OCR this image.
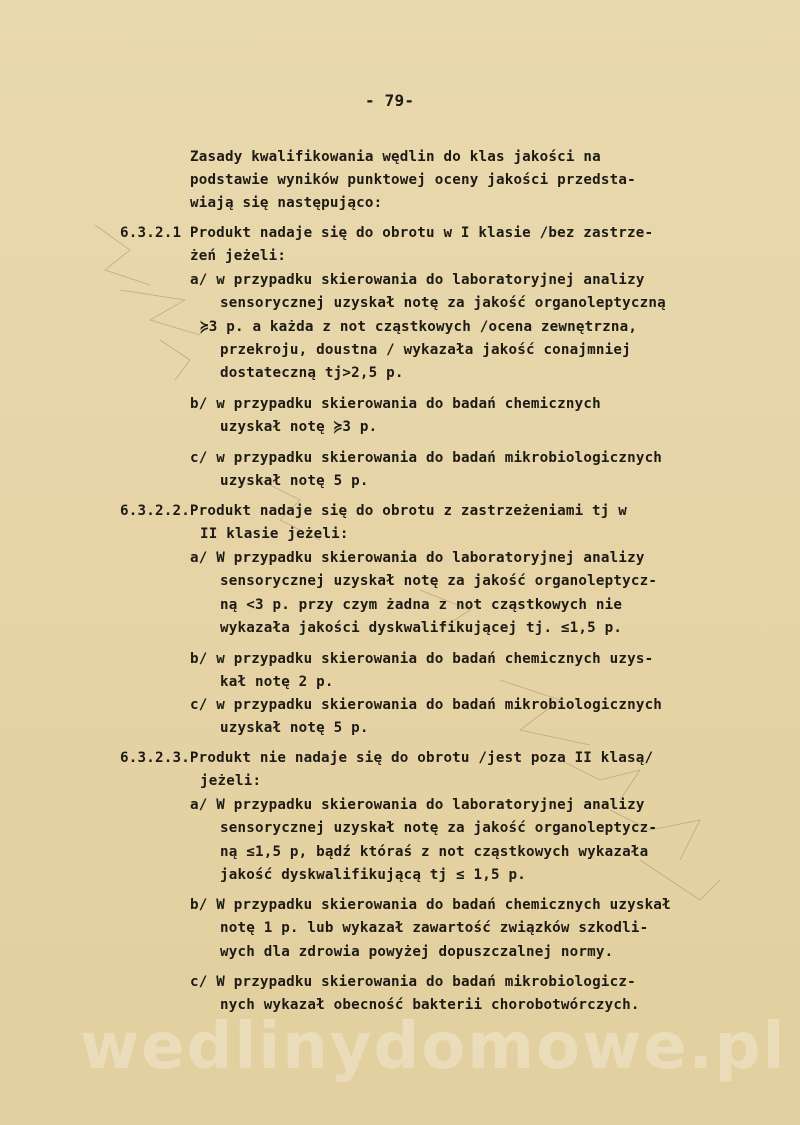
- 79-
Zasady kwalifikowania wędlin do klas jakości na
podstawie wyników punktowej oceny jakości przedsta-
wiają się następująco:
6.3.2.1 Produkt nadaje się do obrotu w I klasie /bez zastrze-
żeń jeżeli:
a/ w przypadku skierowania do laboratoryjnej analizy
sensorycznej uzyskał notę za jakość organoleptyczną
≽3 p. a każda z not cząstkowych /ocena zewnętrzna,
przekroju, doustna / wykazała jakość conajmniej
dostateczną tj>2,5 p.
b/ w przypadku skierowania do badań chemicznych
uzyskał notę ≽3 p.
c/ w przypadku skierowania do badań mikrobiologicznych
uzyskał notę 5 p.
6.3.2.2.Produkt nadaje się do obrotu z zastrzeżeniami tj w
II klasie jeżeli:
a/ W przypadku skierowania do laboratoryjnej analizy
sensorycznej uzyskał notę za jakość organoleptycz-
ną <3 p. przy czym żadna z not cząstkowych nie
wykazała jakości dyskwalifikującej tj. ≤1,5 p.
b/ w przypadku skierowania do badań chemicznych uzys-
kał notę 2 p.
c/ w przypadku skierowania do badań mikrobiologicznych
uzyskał notę 5 p.
6.3.2.3.Produkt nie nadaje się do obrotu /jest poza II klasą/
jeżeli:
a/ W przypadku skierowania do laboratoryjnej analizy
sensorycznej uzyskał notę za jakość organoleptycz-
ną ≤1,5 p, bądź któraś z not cząstkowych wykazała
jakość dyskwalifikującą tj ≤ 1,5 p.
b/ W przypadku skierowania do badań chemicznych uzyskał
notę 1 p. lub wykazał zawartość związków szkodli-
wych dla zdrowia powyżej dopuszczalnej normy.
c/ W przypadku skierowania do badań mikrobiologicz-
nych wykazał obecność bakterii chorobotwórczych.
wedlinydomowe.pl
